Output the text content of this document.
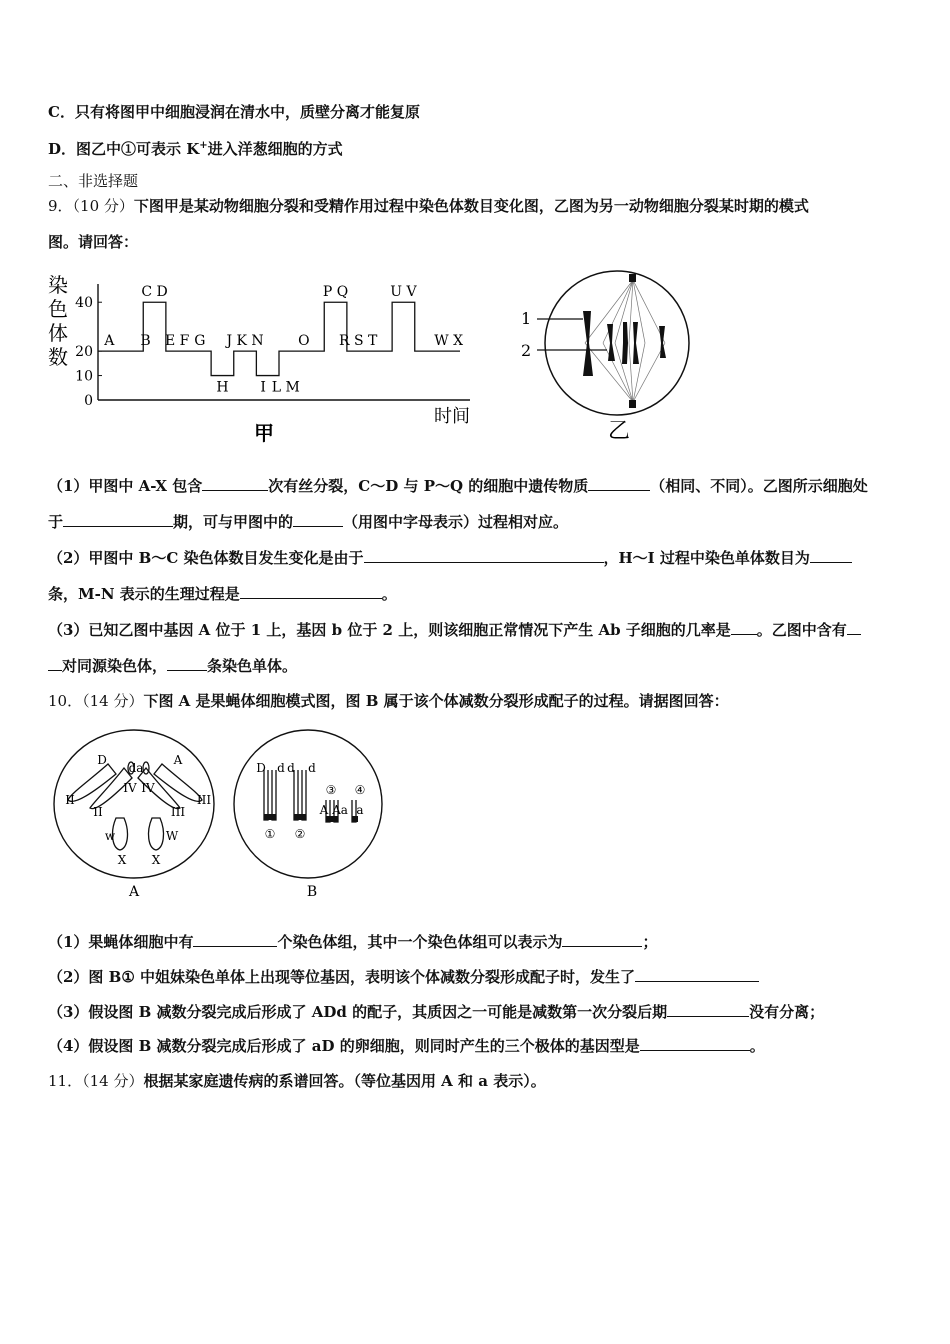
C．只有将图甲中细胞浸润在清水中，质壁分离才能复原
D．图乙中①可表示 K+进入洋葱细胞的方式
二、非选择题
9．（10 分）下图甲是某动物细胞分裂和受精作用过程中染色体数目变化图，乙图为另一动物细胞分裂某时期的模式
图。请回答：
0
10
20
40
染
色
体
数
C D	P Q	U V
J K N
A B E F G	O R S T	W X
H I L M
时间
甲
1
2
乙
（1）甲图中 A-X 包含	次有丝分裂，C～D 与 P～Q 的细胞中遗传物质	（相同、不同）。乙图所示细胞处
于	期，可与甲图中的	（用图中字母表示）过程相对应。
（2）甲图中 B～C 染色体数目发生变化是由于	，H～I 过程中染色单体数目为
条，M-N 表示的生理过程是	。
（3）已知乙图中基因 A 位于 1 上，基因 b 位于 2 上，则该细胞正常情况下产生 Ab 子细胞的几率是 。乙图中含有
对同源染色体，	条染色单体。
10．（14 分）下图 A 是果蝇体细胞模式图，图 B 属于该个体减数分裂形成配子的过程。请据图回答：
D
da
A
IV IV
II
II
III
III
w	W
X X
A
D d d d
③ ④
A Aa a
① ②
B
（1）果蝇体细胞中有	个染色体组，其中一个染色体组可以表示为	；
（2）图 B① 中姐妹染色单体上出现等位基因，表明该个体减数分裂形成配子时，发生了
（3）假设图 B 减数分裂完成后形成了 ADd 的配子，其质因之一可能是减数第一次分裂后期	没有分离；
（4）假设图 B 减数分裂完成后形成了 aD 的卵细胞，则同时产生的三个极体的基因型是	。
11．（14 分）根据某家庭遗传病的系谱回答。（等位基因用 A 和 a 表示）。
